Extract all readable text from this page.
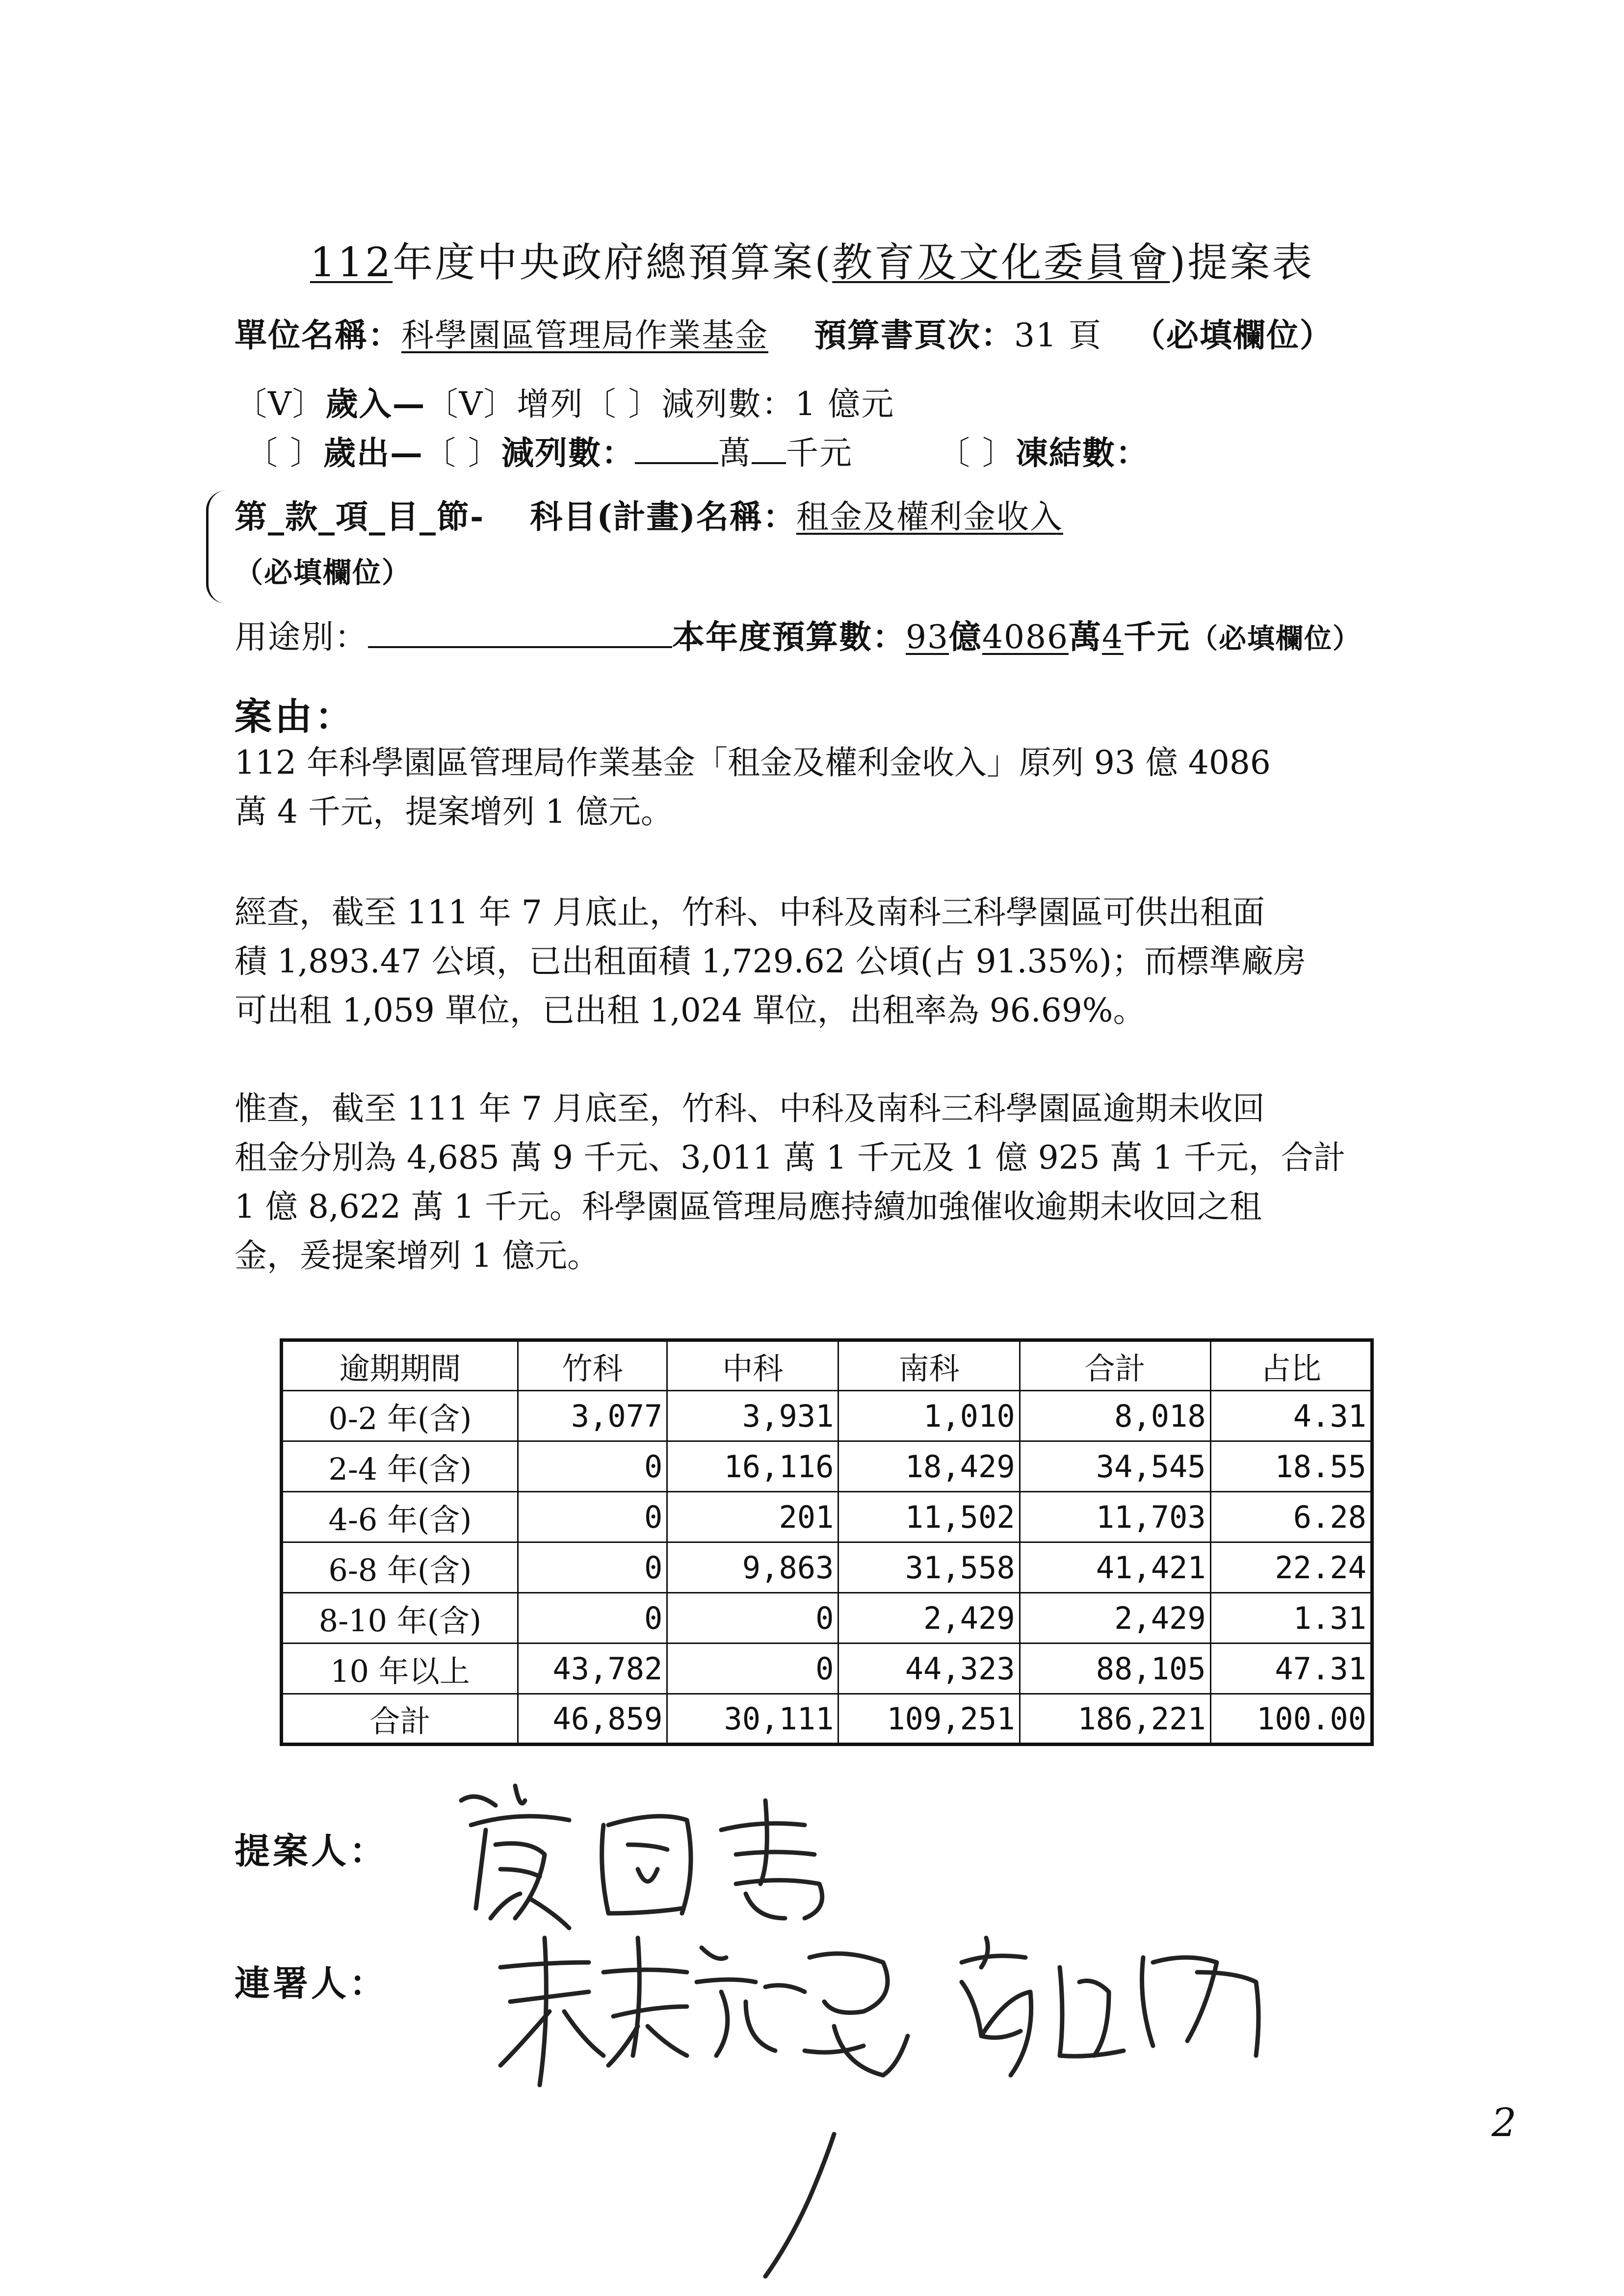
112年度中央政府總預算案(教育及文化委員會)提案表
單位名稱：科學園區管理局作業基金 預算書頁次：31 頁 （必填欄位）
〔V〕歲入—〔V〕增列〔 〕減列數：1 億元
〔 〕歲出—〔 〕減列數：	萬 千元	〔 〕凍結數：
第_款_項_目_節- 科目(計畫)名稱：租金及權利金收入
（必填欄位）
用途別：	本年度預算數：93億4086萬4千元（必填欄位）
案由：
112 年科學園區管理局作業基金「租金及權利金收入」原列 93 億 4086
萬 4 千元，提案增列 1 億元。
經查，截至 111 年 7 月底止，竹科、中科及南科三科學園區可供出租面
積 1,893.47 公頃，已出租面積 1,729.62 公頃(占 91.35%)；而標準廠房
可出租 1,059 單位，已出租 1,024 單位，出租率為 96.69%。
惟查，截至 111 年 7 月底至，竹科、中科及南科三科學園區逾期未收回
租金分別為 4,685 萬 9 千元、3,011 萬 1 千元及 1 億 925 萬 1 千元，合計
1 億 8,622 萬 1 千元。科學園區管理局應持續加強催收逾期未收回之租
金，爰提案增列 1 億元。
逾期期間	竹科	中科	南科	合計	占比
0-2 年(含)	3,077	3,931	1,010	8,018	4.31
2-4 年(含)	0	16,116	18,429	34,545	18.55
4-6 年(含)	0	201	11,502	11,703	6.28
6-8 年(含)	0	9,863	31,558	41,421	22.24
8-10 年(含)	0	0	2,429	2,429	1.31
10 年以上	43,782	0	44,323	88,105	47.31
合計	46,859	30,111	109,251	186,221	100.00
提案人：
連署人：
2
